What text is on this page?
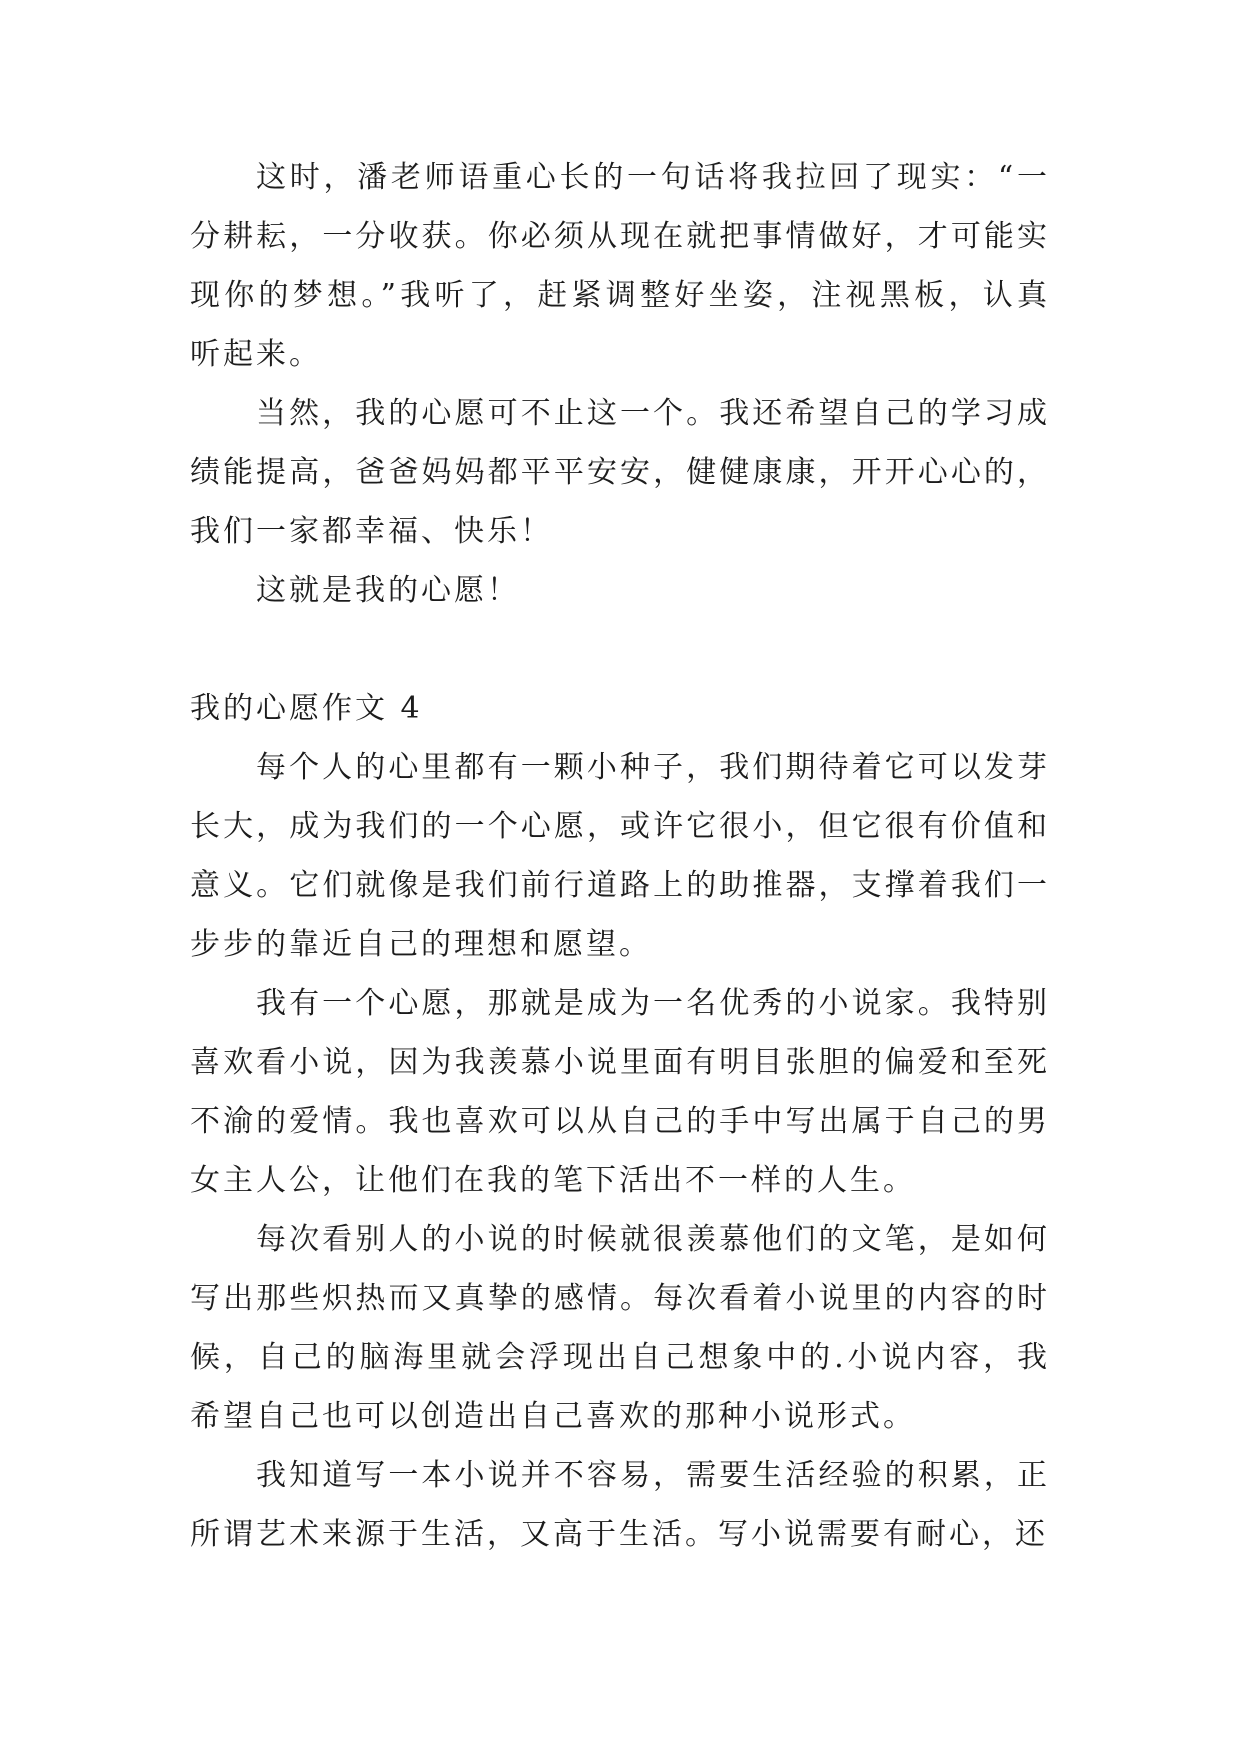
这时，潘老师语重心长的一句话将我拉回了现实：“一分耕耘，一分收获。你必须从现在就把事情做好，才可能实现你的梦想。”我听了，赶紧调整好坐姿，注视黑板，认真听起来。

当然，我的心愿可不止这一个。我还希望自己的学习成绩能提高，爸爸妈妈都平平安安，健健康康，开开心心的，我们一家都幸福、快乐！

这就是我的心愿！

我的心愿作文 4

每个人的心里都有一颗小种子，我们期待着它可以发芽长大，成为我们的一个心愿，或许它很小，但它很有价值和意义。它们就像是我们前行道路上的助推器，支撑着我们一步步的靠近自己的理想和愿望。

我有一个心愿，那就是成为一名优秀的小说家。我特别喜欢看小说，因为我羡慕小说里面有明目张胆的偏爱和至死不渝的爱情。我也喜欢可以从自己的手中写出属于自己的男女主人公，让他们在我的笔下活出不一样的人生。

每次看别人的小说的时候就很羡慕他们的文笔，是如何写出那些炽热而又真挚的感情。每次看着小说里的内容的时候，自己的脑海里就会浮现出自己想象中的.小说内容，我希望自己也可以创造出自己喜欢的那种小说形式。

我知道写一本小说并不容易，需要生活经验的积累，正所谓艺术来源于生活，又高于生活。写小说需要有耐心，还
